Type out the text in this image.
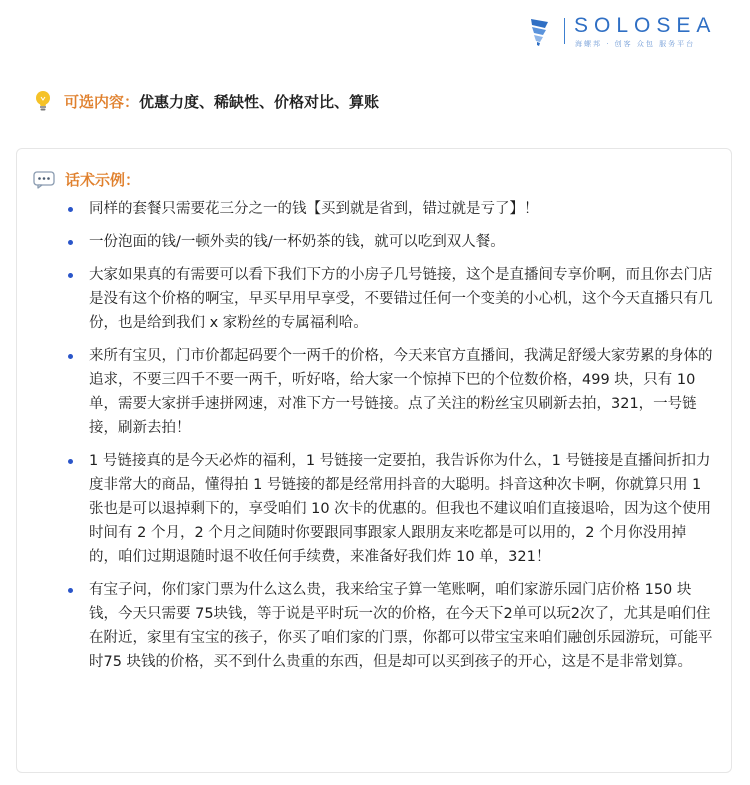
SOLOSEA
海螺邦 · 创客 众包 服务平台
可选内容： 优惠力度、稀缺性、价格对比、算账
话术示例：
同样的套餐只需要花三分之一的钱【买到就是省到，错过就是亏了】！
一份泡面的钱/一顿外卖的钱/一杯奶茶的钱，就可以吃到双人餐。
大家如果真的有需要可以看下我们下方的小房子几号链接，这个是直播间专享价啊，而且你去门店是没有这个价格的啊宝，早买早用早享受，不要错过任何一个变美的小心机，这个今天直播只有几份，也是给到我们 x 家粉丝的专属福利哈。
来所有宝贝，门市价都起码要个一两千的价格，今天来官方直播间，我满足舒缓大家劳累的身体的追求，不要三四千不要一两千，听好咯，给大家一个惊掉下巴的个位数价格，499 块，只有 10 单，需要大家拼手速拼网速，对准下方一号链接。点了关注的粉丝宝贝刷新去拍，321，一号链接，刷新去拍！
1 号链接真的是今天必炸的福利，1 号链接一定要拍，我告诉你为什么，1 号链接是直播间折扣力度非常大的商品，懂得拍 1 号链接的都是经常用抖音的大聪明。抖音这种次卡啊，你就算只用 1 张也是可以退掉剩下的，享受咱们 10 次卡的优惠的。但我也不建议咱们直接退哈，因为这个使用时间有 2 个月，2 个月之间随时你要跟同事跟家人跟朋友来吃都是可以用的，2 个月你没用掉的，咱们过期退随时退不收任何手续费，来准备好我们炸 10 单，321！
有宝子问，你们家门票为什么这么贵，我来给宝子算一笔账啊，咱们家游乐园门店价格 150 块钱，今天只需要 75块钱，等于说是平时玩一次的价格，在今天下2单可以玩2次了，尤其是咱们住在附近，家里有宝宝的孩子，你买了咱们家的门票，你都可以带宝宝来咱们融创乐园游玩，可能平时75 块钱的价格，买不到什么贵重的东西，但是却可以买到孩子的开心，这是不是非常划算。
